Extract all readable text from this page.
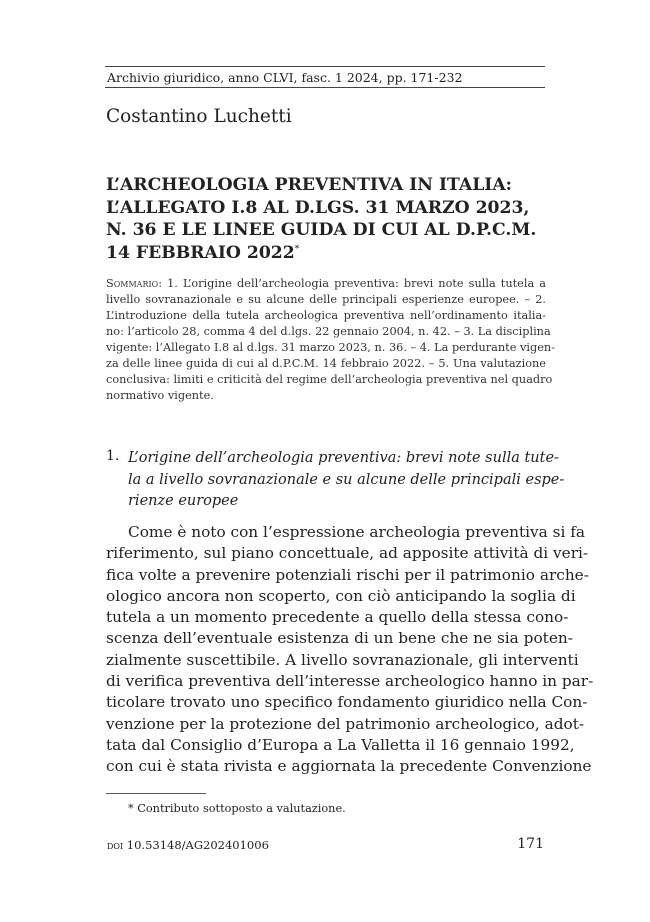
Archivio giuridico, anno CLVI, fasc. 1 2024, pp. 171-232
Costantino Luchetti
L’ARCHEOLOGIA PREVENTIVA IN ITALIA:
L’ALLEGATO I.8 AL D.LGS. 31 MARZO 2023,
N. 36 E LE LINEE GUIDA DI CUI AL D.P.C.M.
14 FEBBRAIO 2022*
Sommario: 1. L’origine dell’archeologia preventiva: brevi note sulla tutela a
livello sovranazionale e su alcune delle principali esperienze europee. – 2.
L’introduzione della tutela archeologica preventiva nell’ordinamento italia-
no: l’articolo 28, comma 4 del d.lgs. 22 gennaio 2004, n. 42. – 3. La disciplina
vigente: l’Allegato I.8 al d.lgs. 31 marzo 2023, n. 36. – 4. La perdurante vigen-
za delle linee guida di cui al d.P.C.M. 14 febbraio 2022. – 5. Una valutazione
conclusiva: limiti e criticità del regime dell’archeologia preventiva nel quadro
normativo vigente.
1. L’origine dell’archeologia preventiva: brevi note sulla tute-
la a livello sovranazionale e su alcune delle principali espe-
rienze europee
Come è noto con l’espressione archeologia preventiva si fa
riferimento, sul piano concettuale, ad apposite attività di veri-
fica volte a prevenire potenziali rischi per il patrimonio arche-
ologico ancora non scoperto, con ciò anticipando la soglia di
tutela a un momento precedente a quello della stessa cono-
scenza dell’eventuale esistenza di un bene che ne sia poten-
zialmente suscettibile. A livello sovranazionale, gli interventi
di verifica preventiva dell’interesse archeologico hanno in par-
ticolare trovato uno specifico fondamento giuridico nella Con-
venzione per la protezione del patrimonio archeologico, adot-
tata dal Consiglio d’Europa a La Valletta il 16 gennaio 1992,
con cui è stata rivista e aggiornata la precedente Convenzione
* Contributo sottoposto a valutazione.
doi 10.53148/AG202401006	171
